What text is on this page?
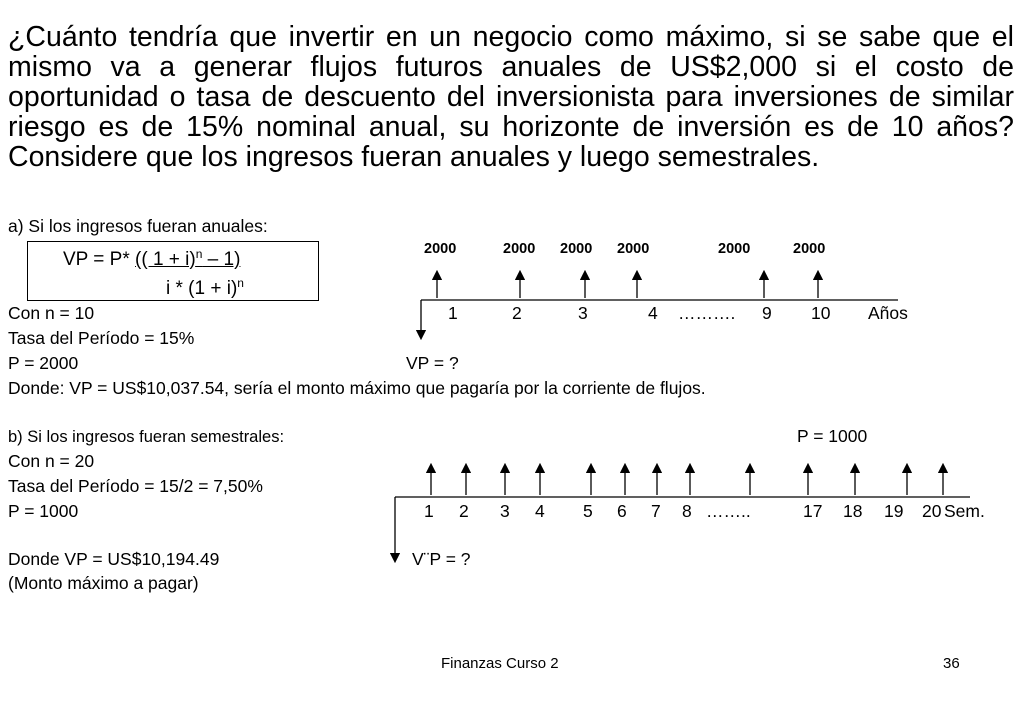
¿Cuánto tendría que invertir en un negocio como máximo, si se sabe que el mismo va a generar flujos futuros anuales de US$2,000 si el costo de oportunidad o tasa de descuento del inversionista para inversiones de similar riesgo es de 15% nominal anual, su horizonte de inversión es de 10 años? Considere que los ingresos fueran anuales y luego semestrales.
a) Si los ingresos fueran anuales:
VP = P* (( 1 + i)$^n$ – 1)
$i * (1 + i)^n$
Con n = 10
Tasa del Período = 15%
P = 2000
Donde: VP = US$10,037.54, sería el monto máximo que pagaría por la corriente de flujos.
2000	2000 2000 2000	2000	2000
1	2	3	4 ………. 9 10 Años
VP = ?
b) Si los ingresos fueran semestrales:	P = 1000
Con n = 20
Tasa del Período = 15/2 = 7,50%
P = 1000
Donde VP = US$10,194.49
(Monto máximo a pagar)
1 2 3 4 5 6 7 8 ……..	17 18 19 20 Sem.
V¨P = ?
Finanzas Curso 2	36
